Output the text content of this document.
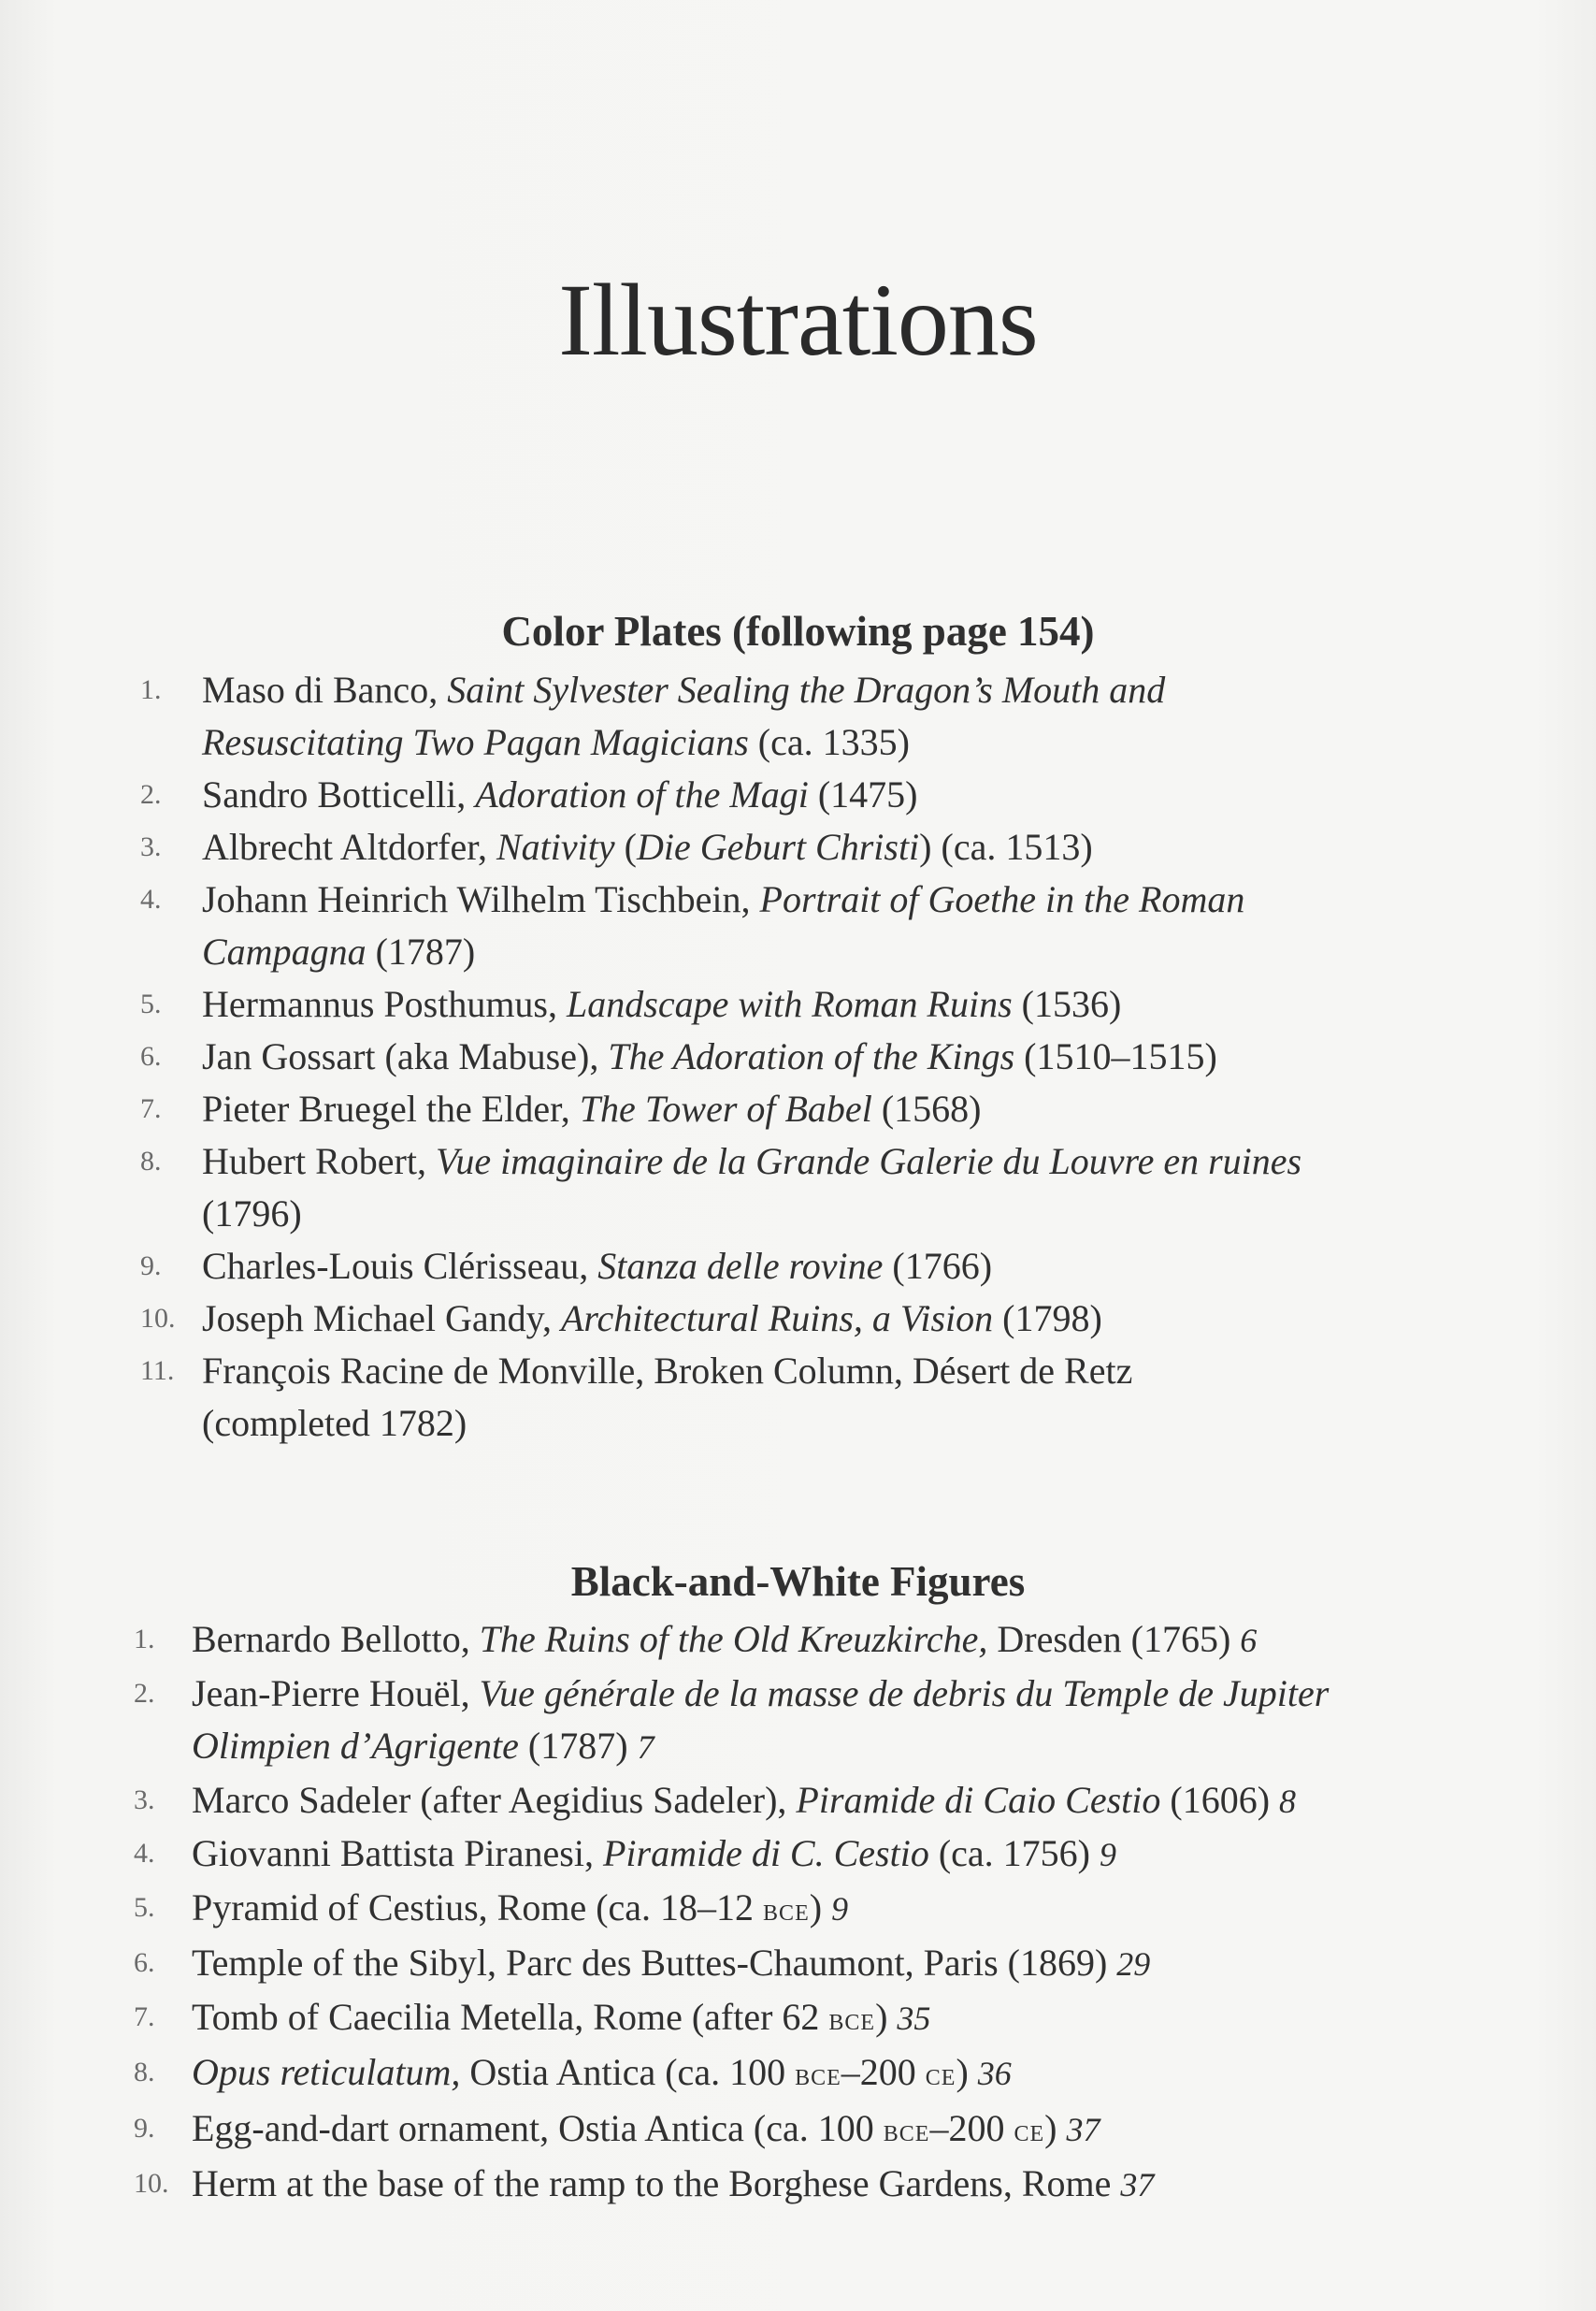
Illustrations
Color Plates (following page 154)
1. Maso di Banco, Saint Sylvester Sealing the Dragon’s Mouth and
Resuscitating Two Pagan Magicians (ca. 1335)
2. Sandro Botticelli, Adoration of the Magi (1475)
3. Albrecht Altdorfer, Nativity (Die Geburt Christi) (ca. 1513)
4. Johann Heinrich Wilhelm Tischbein, Portrait of Goethe in the Roman
Campagna (1787)
5. Hermannus Posthumus, Landscape with Roman Ruins (1536)
6. Jan Gossart (aka Mabuse), The Adoration of the Kings (1510–1515)
7. Pieter Bruegel the Elder, The Tower of Babel (1568)
8. Hubert Robert, Vue imaginaire de la Grande Galerie du Louvre en ruines
(1796)
9. Charles-Louis Clérisseau, Stanza delle rovine (1766)
10. Joseph Michael Gandy, Architectural Ruins, a Vision (1798)
11. François Racine de Monville, Broken Column, Désert de Retz
(completed 1782)
Black-and-White Figures
1. Bernardo Bellotto, The Ruins of the Old Kreuzkirche, Dresden (1765) 6
2. Jean-Pierre Houël, Vue générale de la masse de debris du Temple de Jupiter
Olimpien d’Agrigente (1787) 7
3. Marco Sadeler (after Aegidius Sadeler), Piramide di Caio Cestio (1606) 8
4. Giovanni Battista Piranesi, Piramide di C. Cestio (ca. 1756) 9
5. Pyramid of Cestius, Rome (ca. 18–12 bce) 9
6. Temple of the Sibyl, Parc des Buttes-Chaumont, Paris (1869) 29
7. Tomb of Caecilia Metella, Rome (after 62 bce) 35
8. Opus reticulatum, Ostia Antica (ca. 100 bce–200 ce) 36
9. Egg-and-dart ornament, Ostia Antica (ca. 100 bce–200 ce) 37
10. Herm at the base of the ramp to the Borghese Gardens, Rome 37
